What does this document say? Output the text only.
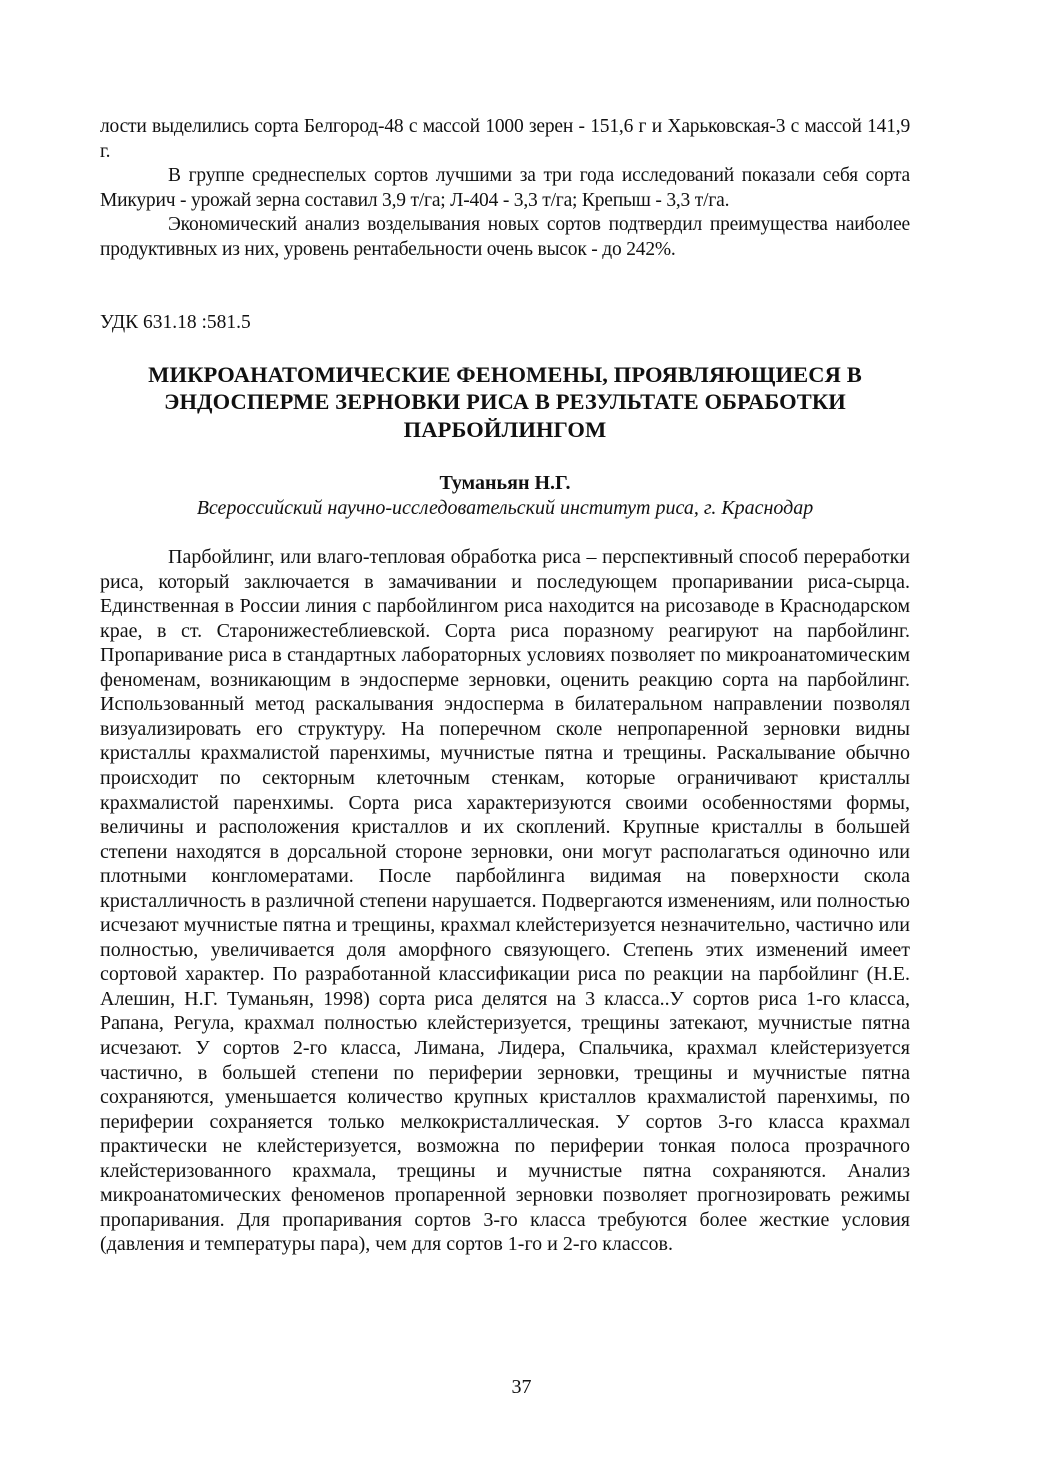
лости выделились сорта Белгород-48 с массой 1000 зерен - 151,6 г и Харьковская-3 с массой 141,9 г.

В группе среднеспелых сортов лучшими за три года исследований показали себя сорта Микурич - урожай зерна составил 3,9 т/га; Л-404 - 3,3 т/га; Крепыш - 3,3 т/га.

Экономический анализ возделывания новых сортов подтвердил преимущества наиболее продуктивных из них, уровень рентабельности очень высок - до 242%.

УДК 631.18 :581.5

МИКРОАНАТОМИЧЕСКИЕ ФЕНОМЕНЫ, ПРОЯВЛЯЮЩИЕСЯ В
ЭНДОСПЕРМЕ ЗЕРНОВКИ РИСА В РЕЗУЛЬТАТЕ ОБРАБОТКИ
ПАРБОЙЛИНГОМ

Туманьян Н.Г.

Всероссийский научно-исследовательский институт риса, г. Краснодар

Парбойлинг, или влаго-тепловая обработка риса – перспективный способ переработки риса, который заключается в замачивании и последующем пропаривании риса-сырца. Единственная в России линия с парбойлингом риса находится на рисозаводе в Краснодарском крае, в ст. Старонижестеблиевской. Сорта риса поразному реагируют на парбойлинг. Пропаривание риса в стандартных лабораторных условиях позволяет по микроанатомическим феноменам, возникающим в эндосперме зерновки, оценить реакцию сорта на парбойлинг. Использованный метод раскалывания эндосперма в билатеральном направлении позволял визуализировать его структуру. На поперечном сколе непропаренной зерновки видны кристаллы крахмалистой паренхимы, мучнистые пятна и трещины. Раскалывание обычно происходит по секторным клеточным стенкам, которые ограничивают кристаллы крахмалистой паренхимы. Сорта риса характеризуются своими особенностями формы, величины и расположения кристаллов и их скоплений. Крупные кристаллы в большей степени находятся в дорсальной стороне зерновки, они могут располагаться одиночно или плотными конгломератами. После парбойлинга видимая на поверхности скола кристалличность в различной степени нарушается. Подвергаются изменениям, или полностью исчезают мучнистые пятна и трещины, крахмал клейстеризуется незначительно, частично или полностью, увеличивается доля аморфного связующего. Степень этих изменений имеет сортовой характер. По разработанной классификации риса по реакции на парбойлинг (Н.Е. Алешин, Н.Г. Туманьян, 1998) сорта риса делятся на 3 класса..У сортов риса 1-го класса, Рапана, Регула, крахмал полностью клейстеризуется, трещины затекают, мучнистые пятна исчезают. У сортов 2-го класса, Лимана, Лидера, Спальчика, крахмал клейстеризуется частично, в большей степени по периферии зерновки, трещины и мучнистые пятна сохраняются, уменьшается количество крупных кристаллов крахмалистой паренхимы, по периферии сохраняется только мелкокристаллическая. У сортов 3-го класса крахмал практически не клейстеризуется, возможна по периферии тонкая полоса прозрачного клейстеризованного крахмала, трещины и мучнистые пятна сохраняются. Анализ микроанатомических феноменов пропаренной зерновки позволяет прогнозировать режимы пропаривания. Для пропаривания сортов 3-го класса требуются более жесткие условия (давления и температуры пара), чем для сортов 1-го и 2-го классов.

37
